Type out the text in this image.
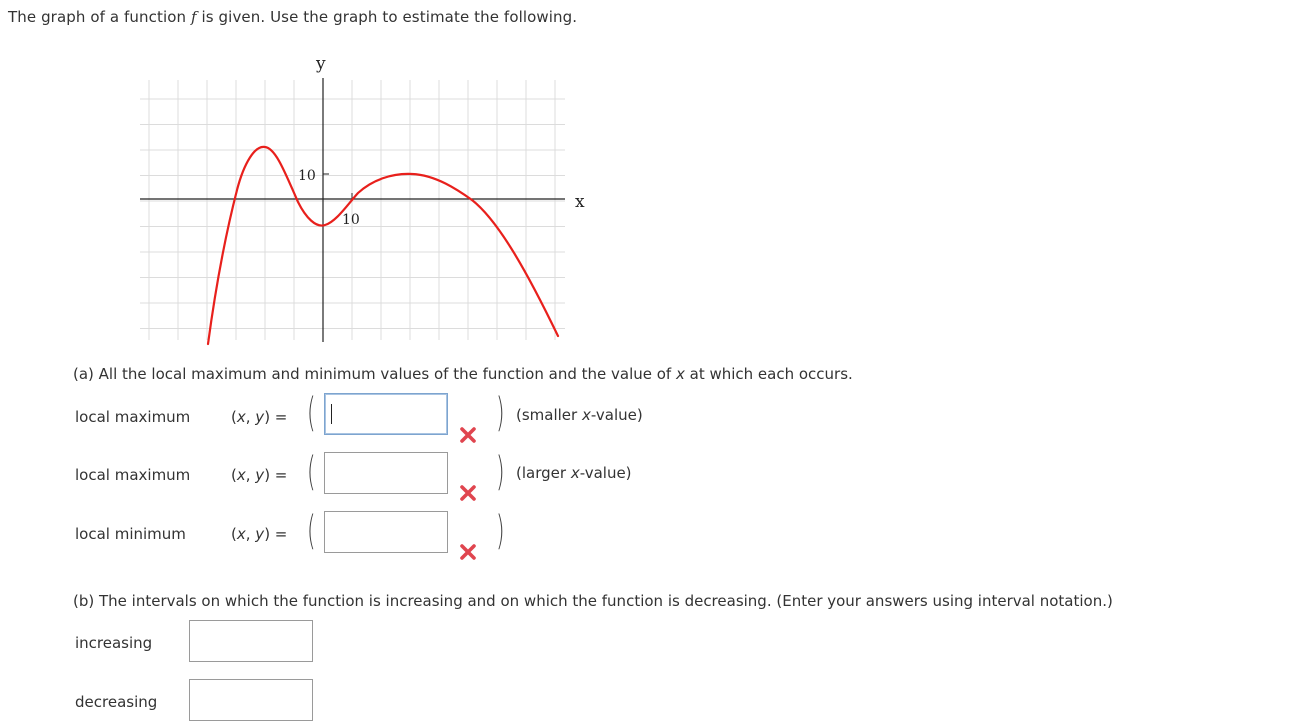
The graph of a function f is given. Use the graph to estimate the following.
y
x
10
10
(a) All the local maximum and minimum values of the function and the value of x at which each occurs.
local maximum	(x, y) = (	) (smaller x-value)
local maximum	(x, y) = (	) (larger x-value)
local minimum	(x, y) = (	)
(b) The intervals on which the function is increasing and on which the function is decreasing. (Enter your answers using interval notation.)
increasing
decreasing
